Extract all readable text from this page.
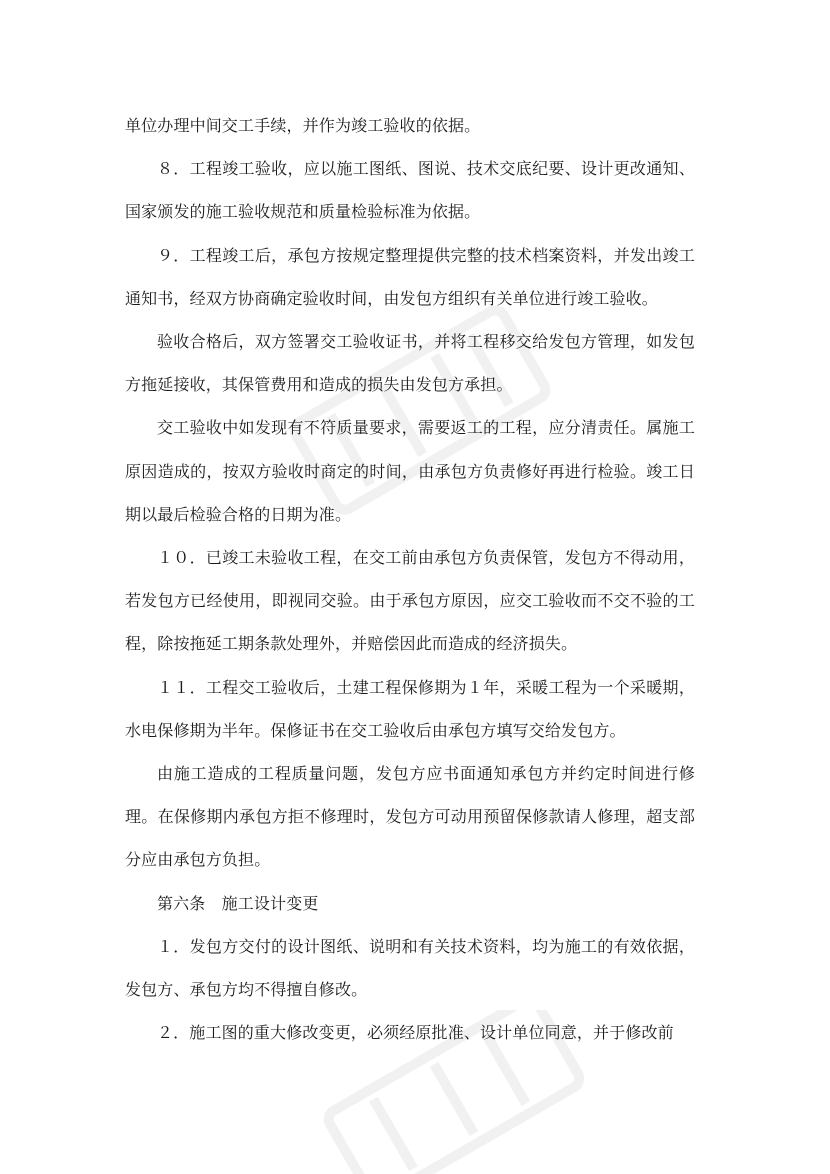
单位办理中间交工手续，并作为竣工验收的依据。

８．工程竣工验收，应以施工图纸、图说、技术交底纪要、设计更改通知、国家颁发的施工验收规范和质量检验标准为依据。

９．工程竣工后，承包方按规定整理提供完整的技术档案资料，并发出竣工通知书，经双方协商确定验收时间，由发包方组织有关单位进行竣工验收。

验收合格后，双方签署交工验收证书，并将工程移交给发包方管理，如发包方拖延接收，其保管费用和造成的损失由发包方承担。

交工验收中如发现有不符质量要求，需要返工的工程，应分清责任。属施工原因造成的，按双方验收时商定的时间，由承包方负责修好再进行检验。竣工日期以最后检验合格的日期为准。

１０．已竣工未验收工程，在交工前由承包方负责保管，发包方不得动用，若发包方已经使用，即视同交验。由于承包方原因，应交工验收而不交不验的工程，除按拖延工期条款处理外，并赔偿因此而造成的经济损失。

１１．工程交工验收后，土建工程保修期为１年，采暖工程为一个采暖期，水电保修期为半年。保修证书在交工验收后由承包方填写交给发包方。

由施工造成的工程质量问题，发包方应书面通知承包方并约定时间进行修理。在保修期内承包方拒不修理时，发包方可动用预留保修款请人修理，超支部分应由承包方负担。

第六条　施工设计变更

１．发包方交付的设计图纸、说明和有关技术资料，均为施工的有效依据，发包方、承包方均不得擅自修改。

２．施工图的重大修改变更，必须经原批准、设计单位同意，并于修改前
